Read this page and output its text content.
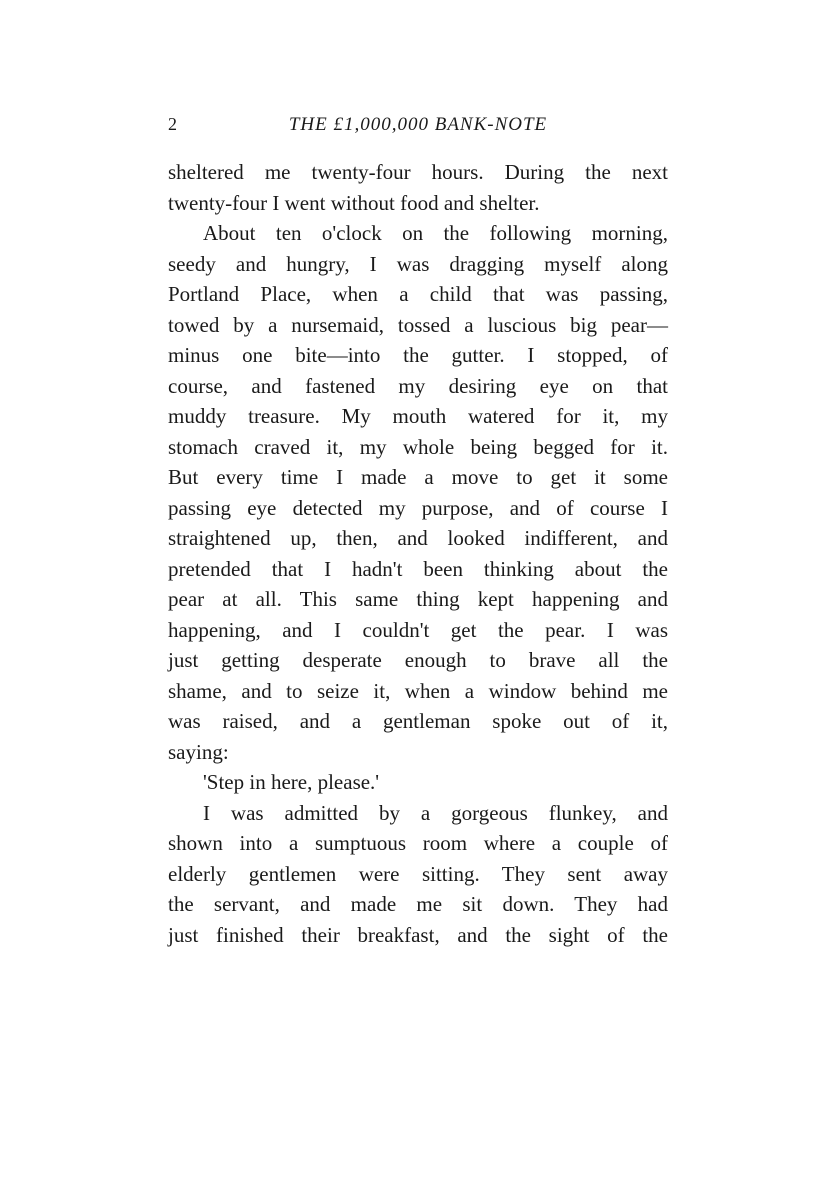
2	THE £1,000,000 BANK-NOTE
sheltered me twenty-four hours. During the next
twenty-four I went without food and shelter.
About ten o'clock on the following morning,
seedy and hungry, I was dragging myself along
Portland Place, when a child that was passing,
towed by a nursemaid, tossed a luscious big pear—
minus one bite—into the gutter. I stopped, of
course, and fastened my desiring eye on that
muddy treasure. My mouth watered for it, my
stomach craved it, my whole being begged for it.
But every time I made a move to get it some
passing eye detected my purpose, and of course I
straightened up, then, and looked indifferent, and
pretended that I hadn't been thinking about the
pear at all. This same thing kept happening and
happening, and I couldn't get the pear. I was
just getting desperate enough to brave all the
shame, and to seize it, when a window behind me
was raised, and a gentleman spoke out of it,
saying:
'Step in here, please.'
I was admitted by a gorgeous flunkey, and
shown into a sumptuous room where a couple of
elderly gentlemen were sitting. They sent away
the servant, and made me sit down. They had
just finished their breakfast, and the sight of the
